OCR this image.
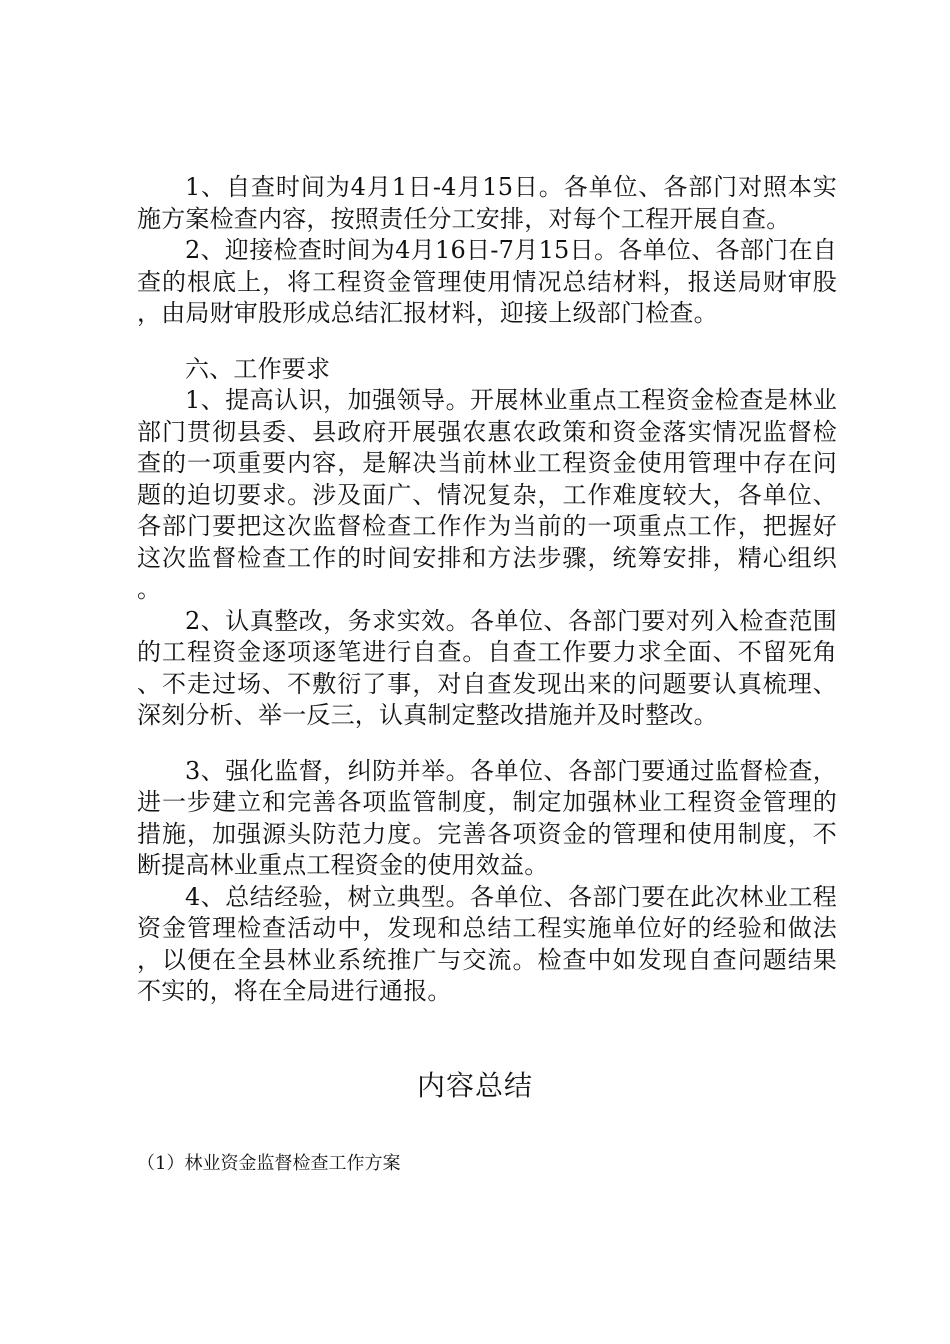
1、自查时间为4月1日-4月15日。各单位、各部门对照本实施方案检查内容，按照责任分工安排，对每个工程开展自查。

2、迎接检查时间为4月16日-7月15日。各单位、各部门在自查的根底上，将工程资金管理使用情况总结材料，报送局财审股，由局财审股形成总结汇报材料，迎接上级部门检查。

六、工作要求

1、提高认识，加强领导。开展林业重点工程资金检查是林业部门贯彻县委、县政府开展强农惠农政策和资金落实情况监督检查的一项重要内容，是解决当前林业工程资金使用管理中存在问题的迫切要求。涉及面广、情况复杂，工作难度较大，各单位、各部门要把这次监督检查工作作为当前的一项重点工作，把握好这次监督检查工作的时间安排和方法步骤，统筹安排，精心组织。

2、认真整改，务求实效。各单位、各部门要对列入检查范围的工程资金逐项逐笔进行自查。自查工作要力求全面、不留死角、不走过场、不敷衍了事，对自查发现出来的问题要认真梳理、深刻分析、举一反三，认真制定整改措施并及时整改。

3、强化监督，纠防并举。各单位、各部门要通过监督检查，进一步建立和完善各项监管制度，制定加强林业工程资金管理的措施，加强源头防范力度。完善各项资金的管理和使用制度，不断提高林业重点工程资金的使用效益。

4、总结经验，树立典型。各单位、各部门要在此次林业工程资金管理检查活动中，发现和总结工程实施单位好的经验和做法，以便在全县林业系统推广与交流。检查中如发现自查问题结果不实的，将在全局进行通报。

内容总结
（1）林业资金监督检查工作方案
